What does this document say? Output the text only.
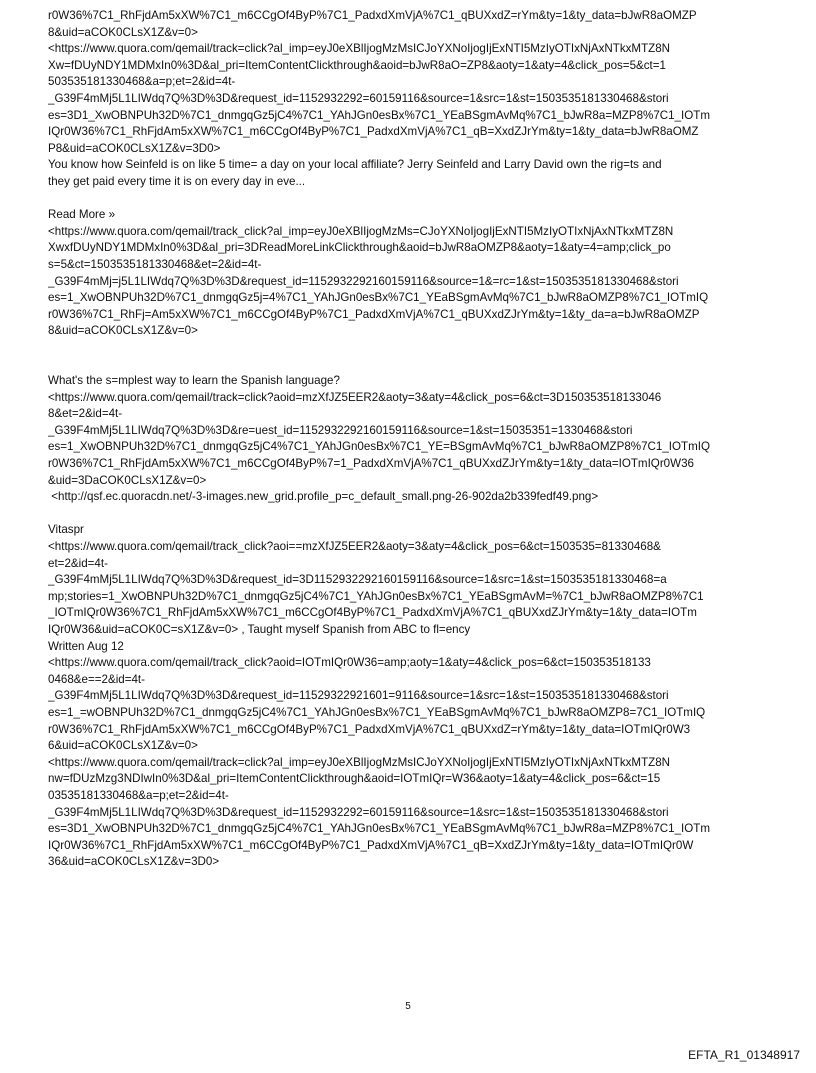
r0W36%7C1_RhFjdAm5xXW%7C1_m6CCgOf4ByP%7C1_PadxdXmVjA%7C1_qBUXxdZ=rYm&ty=1&ty_data=bJwR8aOMZP
8&uid=aCOK0CLsX1Z&v=0>
<https://www.quora.com/qemail/track=click?al_imp=eyJ0eXBlIjogMzMsICJoYXNoIjogIjExNTI5MzIyOTIxNjAxNTkxMTZ8N
Xw=fDUyNDY1MDMxIn0%3D&al_pri=ItemContentClickthrough&aoid=bJwR8aO=ZP8&aoty=1&aty=4&click_pos=5&ct=1
503535181330468&a=p;et=2&id=4t-
_G39F4mMj5L1LIWdq7Q%3D%3D&request_id=1152932292=60159116&source=1&src=1&st=1503535181330468&stori
es=3D1_XwOBNPUh32D%7C1_dnmgqGz5jC4%7C1_YAhJGn0esBx%7C1_YEaBSgmAvMq%7C1_bJwR8a=MZP8%7C1_IOTm
IQr0W36%7C1_RhFjdAm5xXW%7C1_m6CCgOf4ByP%7C1_PadxdXmVjA%7C1_qB=XxdZJrYm&ty=1&ty_data=bJwR8aOMZ
P8&uid=aCOK0CLsX1Z&v=3D0>
You know how Seinfeld is on like 5 time= a day on your local affiliate? Jerry Seinfeld and Larry David own the rig=ts and
they get paid every time it is on every day in eve...
Read More »
<https://www.quora.com/qemail/track_click?al_imp=eyJ0eXBlIjogMzMs=CJoYXNoIjogIjExNTI5MzIyOTIxNjAxNTkxMTZ8N
XwxfDUyNDY1MDMxIn0%3D&al_pri=3DReadMoreLinkClickthrough&aoid=bJwR8aOMZP8&aoty=1&aty=4=amp;click_po
s=5&ct=1503535181330468&et=2&id=4t-
_G39F4mMj=j5L1LIWdq7Q%3D%3D&request_id=1152932292160159116&source=1&=rc=1&st=1503535181330468&stori
es=1_XwOBNPUh32D%7C1_dnmgqGz5j=4%7C1_YAhJGn0esBx%7C1_YEaBSgmAvMq%7C1_bJwR8aOMZP8%7C1_IOTmIQ
r0W36%7C1_RhFj=Am5xXW%7C1_m6CCgOf4ByP%7C1_PadxdXmVjA%7C1_qBUXxdZJrYm&ty=1&ty_da=a=bJwR8aOMZP
8&uid=aCOK0CLsX1Z&v=0>
What's the s=mplest way to learn the Spanish language?
<https://www.quora.com/qemail/track=click?aoid=mzXfJZ5EER2&aoty=3&aty=4&click_pos=6&ct=3D150353518133046
8&et=2&id=4t-
_G39F4mMj5L1LIWdq7Q%3D%3D&re=uest_id=1152932292160159116&source=1&st=15035351=1330468&stori
es=1_XwOBNPUh32D%7C1_dnmgqGz5jC4%7C1_YAhJGn0esBx%7C1_YE=BSgmAvMq%7C1_bJwR8aOMZP8%7C1_IOTmIQ
r0W36%7C1_RhFjdAm5xXW%7C1_m6CCgOf4ByP%7=1_PadxdXmVjA%7C1_qBUXxdZJrYm&ty=1&ty_data=IOTmIQr0W36
&uid=3DaCOK0CLsX1Z&v=0>
<http://qsf.ec.quoracdn.net/-3-images.new_grid.profile_p=c_default_small.png-26-902da2b339fedf49.png>
Vitaspr
<https://www.quora.com/qemail/track_click?aoi==mzXfJZ5EER2&aoty=3&aty=4&click_pos=6&ct=1503535=81330468&
et=2&id=4t-
_G39F4mMj5L1LIWdq7Q%3D%3D&request_id=3D1152932292160159116&source=1&src=1&st=1503535181330468=a
mp;stories=1_XwOBNPUh32D%7C1_dnmgqGz5jC4%7C1_YAhJGn0esBx%7C1_YEaBSgmAvM=%7C1_bJwR8aOMZP8%7C1
_IOTmIQr0W36%7C1_RhFjdAm5xXW%7C1_m6CCgOf4ByP%7C1_PadxdXmVjA%7C1_qBUXxdZJrYm&ty=1&ty_data=IOTm
IQr0W36&uid=aCOK0C=sX1Z&v=0> , Taught myself Spanish from ABC to fl=ency
Written Aug 12
<https://www.quora.com/qemail/track_click?aoid=IOTmIQr0W36=amp;aoty=1&aty=4&click_pos=6&ct=150353518133
0468&e==2&id=4t-
_G39F4mMj5L1LIWdq7Q%3D%3D&request_id=11529322921601=9116&source=1&src=1&st=1503535181330468&stori
es=1_=wOBNPUh32D%7C1_dnmgqGz5jC4%7C1_YAhJGn0esBx%7C1_YEaBSgmAvMq%7C1_bJwR8aOMZP8=7C1_IOTmIQ
r0W36%7C1_RhFjdAm5xXW%7C1_m6CCgOf4ByP%7C1_PadxdXmVjA%7C1_qBUXxdZ=rYm&ty=1&ty_data=IOTmIQr0W3
6&uid=aCOK0CLsX1Z&v=0>
<https://www.quora.com/qemail/track=click?al_imp=eyJ0eXBlIjogMzMsICJoYXNoIjogIjExNTI5MzIyOTIxNjAxNTkxMTZ8N
nw=fDUzMzg3NDIwIn0%3D&al_pri=ItemContentClickthrough&aoid=IOTmIQr=W36&aoty=1&aty=4&click_pos=6&ct=15
03535181330468&a=p;et=2&id=4t-
_G39F4mMj5L1LIWdq7Q%3D%3D&request_id=1152932292=60159116&source=1&src=1&st=1503535181330468&stori
es=3D1_XwOBNPUh32D%7C1_dnmgqGz5jC4%7C1_YAhJGn0esBx%7C1_YEaBSgmAvMq%7C1_bJwR8a=MZP8%7C1_IOTm
IQr0W36%7C1_RhFjdAm5xXW%7C1_m6CCgOf4ByP%7C1_PadxdXmVjA%7C1_qB=XxdZJrYm&ty=1&ty_data=IOTmIQr0W
36&uid=aCOK0CLsX1Z&v=3D0>
5
EFTA_R1_01348917
